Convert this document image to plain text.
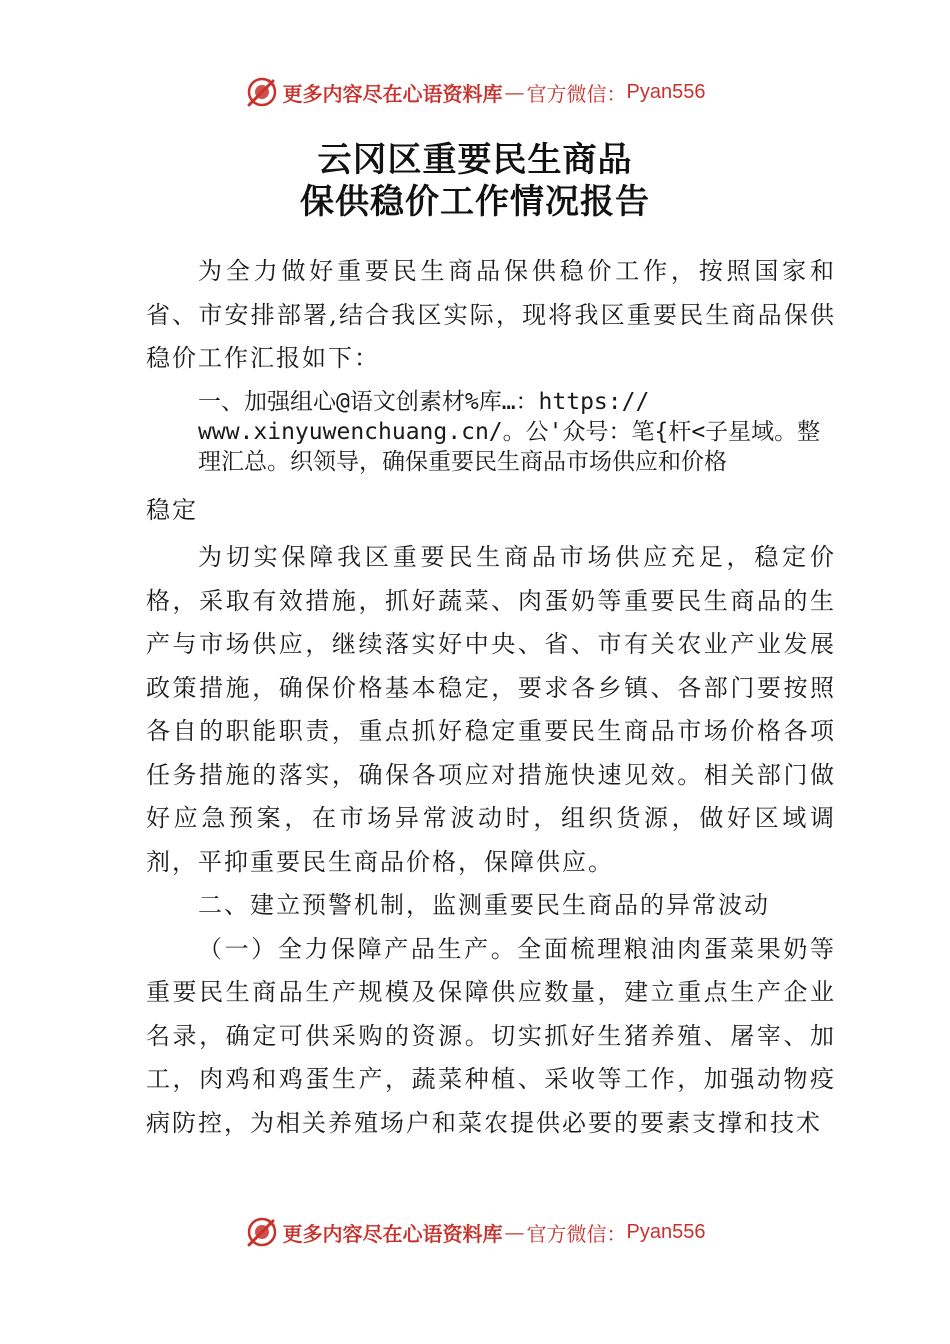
更多内容尽在心语资料库 — 官方微信： Pyan556
云冈区重要民生商品
保供稳价工作情况报告

为全力做好重要民生商品保供稳价工作，按照国家和省、市安排部署,结合我区实际，现将我区重要民生商品保供稳价工作汇报如下：

一、加强组心@语文创素材%库…：https://
www.xinyuwenchuang.cn/。公'众号：笔{杆<子星域。整
理汇总。织领导，确保重要民生商品市场供应和价格
稳定

为切实保障我区重要民生商品市场供应充足，稳定价格，采取有效措施，抓好蔬菜、肉蛋奶等重要民生商品的生产与市场供应，继续落实好中央、省、市有关农业产业发展政策措施，确保价格基本稳定，要求各乡镇、各部门要按照各自的职能职责，重点抓好稳定重要民生商品市场价格各项任务措施的落实，确保各项应对措施快速见效。相关部门做好应急预案，在市场异常波动时，组织货源，做好区域调剂，平抑重要民生商品价格，保障供应。

二、建立预警机制，监测重要民生商品的异常波动

（一）全力保障产品生产。全面梳理粮油肉蛋菜果奶等重要民生商品生产规模及保障供应数量，建立重点生产企业名录，确定可供采购的资源。切实抓好生猪养殖、屠宰、加工，肉鸡和鸡蛋生产，蔬菜种植、采收等工作，加强动物疫病防控，为相关养殖场户和菜农提供必要的要素支撑和技术

更多内容尽在心语资料库 — 官方微信： Pyan556
